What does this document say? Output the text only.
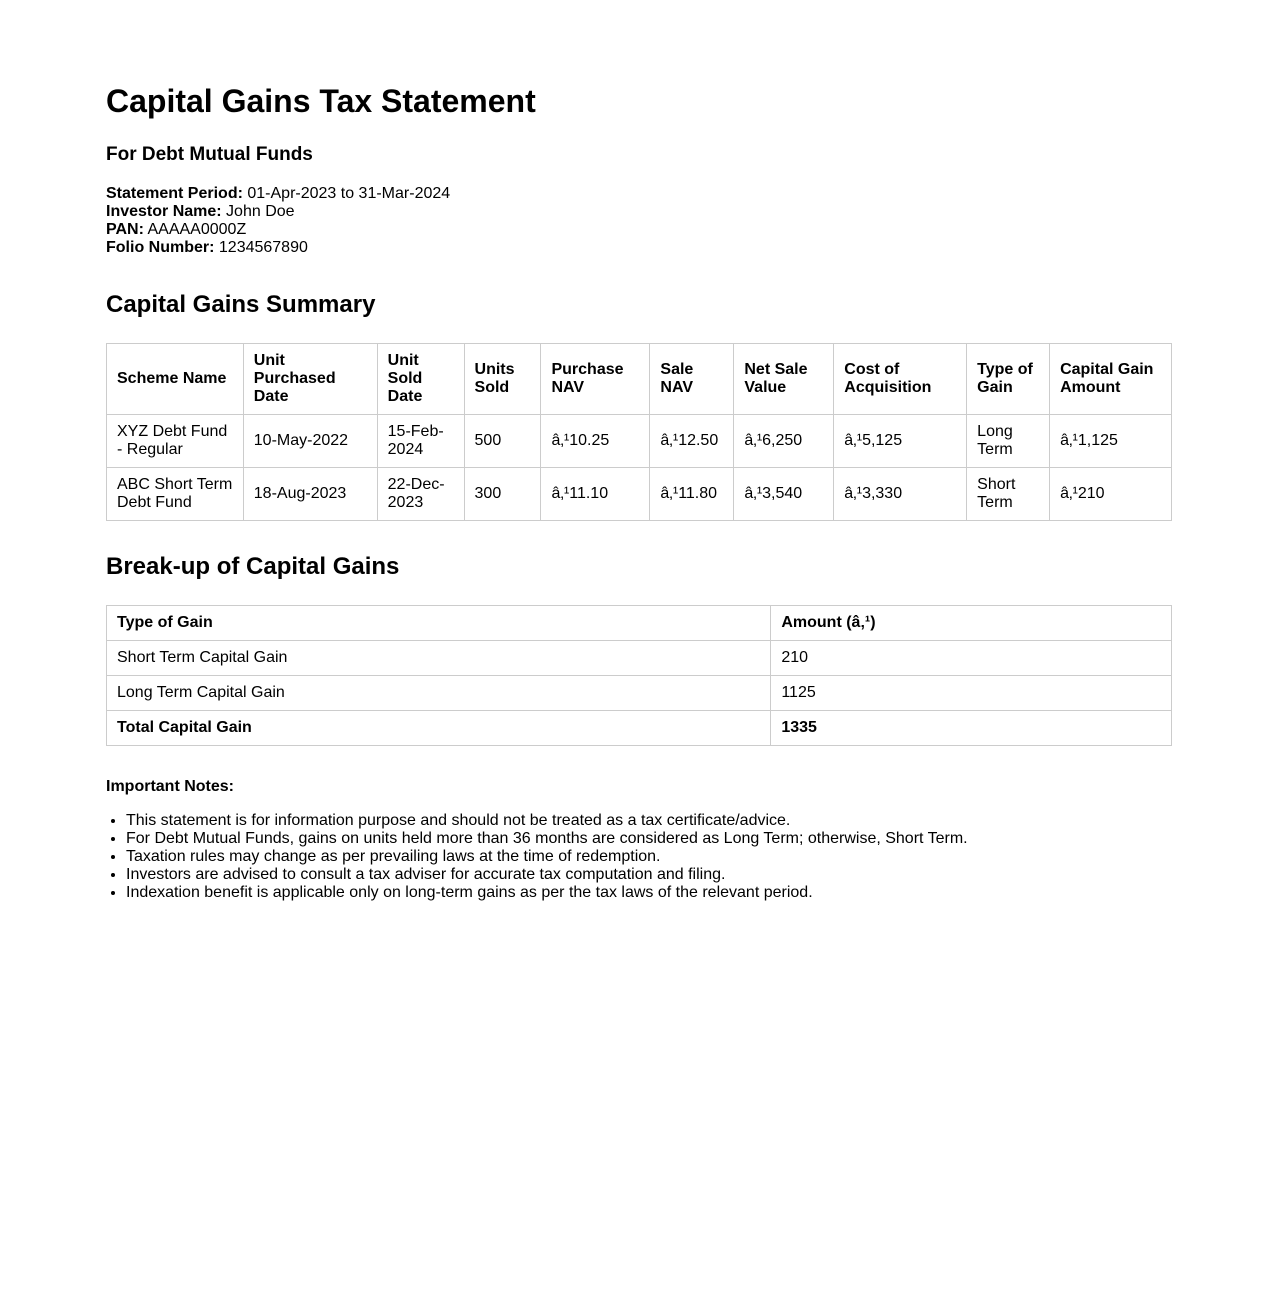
Capital Gains Tax Statement
For Debt Mutual Funds
Statement Period: 01-Apr-2023 to 31-Mar-2024
Investor Name: John Doe
PAN: AAAAA0000Z
Folio Number: 1234567890
Capital Gains Summary
Scheme Name	Unit Purchased Date	Unit Sold Date	Units Sold	Purchase NAV	Sale NAV	Net Sale Value	Cost of Acquisition	Type of Gain	Capital Gain Amount
XYZ Debt Fund - Regular	10-May-2022	15-Feb-2024	500	â‚¹10.25	â‚¹12.50	â‚¹6,250	â‚¹5,125	Long Term	â‚¹1,125
ABC Short Term Debt Fund	18-Aug-2023	22-Dec-2023	300	â‚¹11.10	â‚¹11.80	â‚¹3,540	â‚¹3,330	Short Term	â‚¹210
Break-up of Capital Gains
Type of Gain	Amount (â‚¹)
Short Term Capital Gain	210
Long Term Capital Gain	1125
Total Capital Gain	1335
Important Notes:
• This statement is for information purpose and should not be treated as a tax certificate/advice.
• For Debt Mutual Funds, gains on units held more than 36 months are considered as Long Term; otherwise, Short Term.
• Taxation rules may change as per prevailing laws at the time of redemption.
• Investors are advised to consult a tax adviser for accurate tax computation and filing.
• Indexation benefit is applicable only on long-term gains as per the tax laws of the relevant period.
